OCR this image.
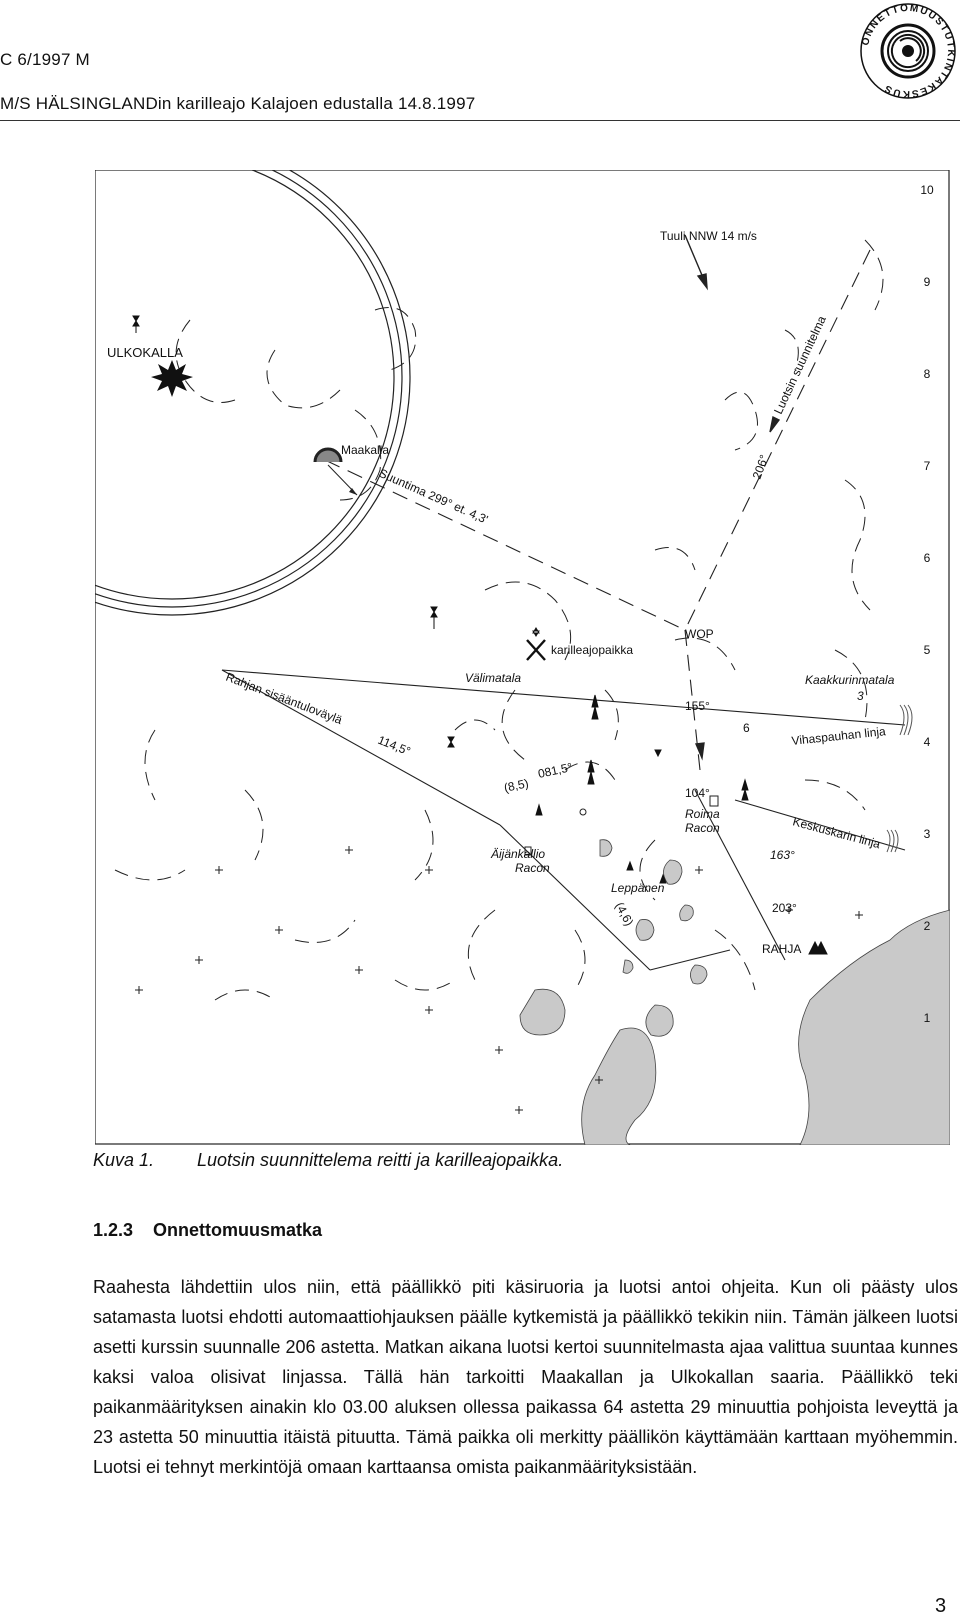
C 6/1997 M
M/S HÄLSINGLANDin karilleajo Kalajoen edustalla 14.8.1997
ONNETTOMUUSTUTKINTAKESKUS
10
9
8
7
6
5
4
3
2
1
Tuuli NNW 14 m/s
Luotsin suunnitelma
ULKOKALLA
Maakalla
Suuntima 299° et. 4,3'	206°
WOP
karilleajopaikka
Välimatala
Rahjan sisääntuloväylä	Kaakkurinmatala
3
Vihaspauhan linja
155°
6
114,5°
081,5°
(8,5)	104°
Roima
Racon	Keskuskarin linja
Äijänkallio
Racon
163°
Leppänen
(4,6)	203°
RAHJA
Kuva 1. Luotsin suunnittelema reitti ja karilleajopaikka.
1.2.3 Onnettomuusmatka
Raahesta lähdettiin ulos niin, että päällikkö piti käsiruoria ja luotsi antoi ohjeita. Kun oli päästy ulos satamasta luotsi ehdotti automaattiohjauksen päälle kytkemistä ja päällikkö tekikin niin. Tämän jälkeen luotsi asetti kurssin suunnalle 206 astetta. Matkan aikana luotsi kertoi suunnitelmasta ajaa valittua suuntaa kunnes kaksi valoa olisivat linjassa. Tällä hän tarkoitti Maakallan ja Ulkokallan saaria. Päällikkö teki paikanmäärityksen ainakin klo 03.00 aluksen ollessa paikassa 64 astetta 29 minuuttia pohjoista leveyttä ja 23 astetta 50 minuuttia itäistä pituutta. Tämä paikka oli merkitty päällikön käyttämään karttaan myöhemmin. Luotsi ei tehnyt merkintöjä omaan karttaansa omista paikanmäärityksistään.
3
